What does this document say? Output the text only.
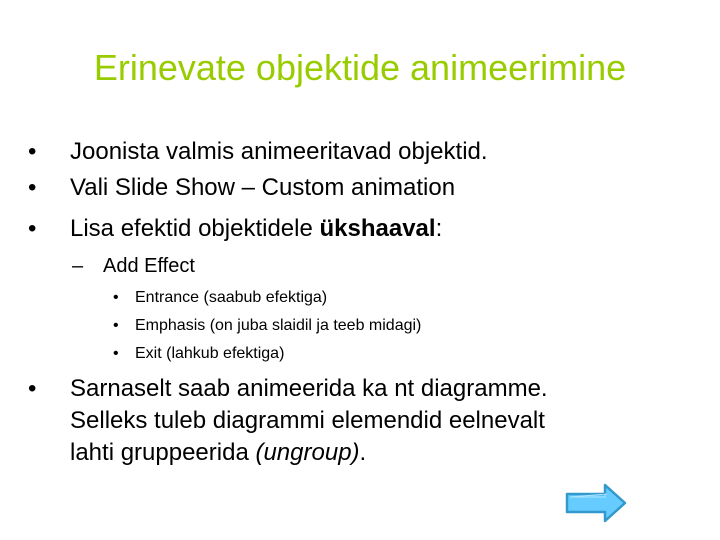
Erinevate objektide animeerimine
• Joonista valmis animeeritavad objektid.
• Vali Slide Show – Custom animation
• Lisa efektid objektidele ükshaaval:
– Add Effect
• Entrance (saabub efektiga)
• Emphasis (on juba slaidil ja teeb midagi)
• Exit (lahkub efektiga)
• Sarnaselt saab animeerida ka nt diagramme.
Selleks tuleb diagrammi elemendid eelnevalt
lahti gruppeerida (ungroup).
